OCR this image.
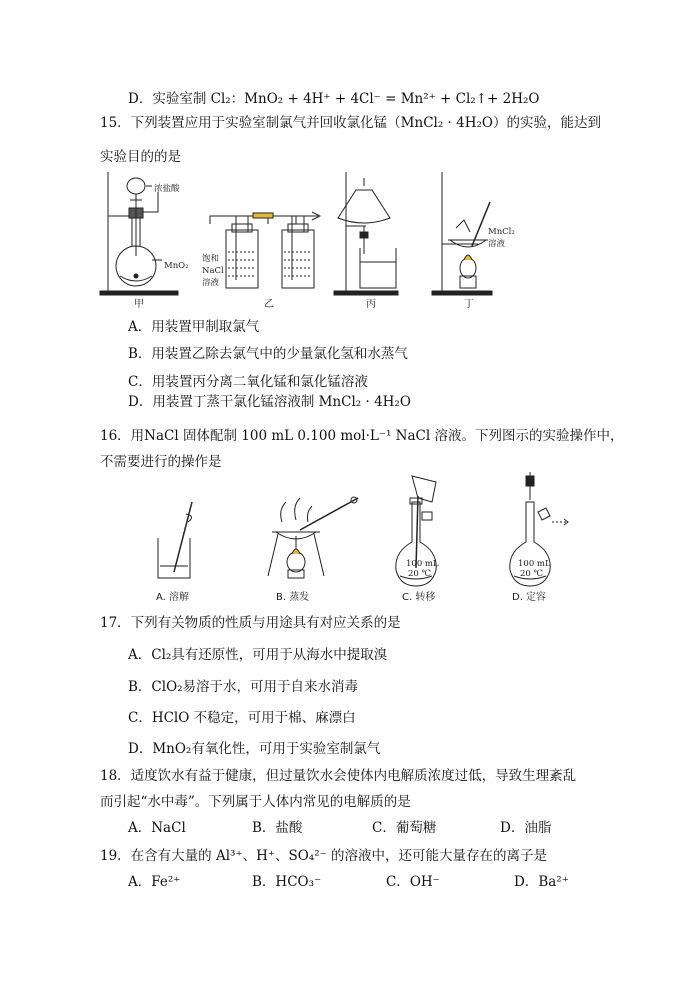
D．实验室制 Cl₂：MnO₂ + 4H⁺ + 4Cl⁻ = Mn²⁺ + Cl₂↑+ 2H₂O
15．下列装置应用于实验室制氯气并回收氯化锰（MnCl₂ · 4H₂O）的实验，能达到
实验目的的是
浓盐酸
MnO₂
饱和
NaCl
溶液
MnCl₂
溶液
甲	乙	丙	丁
A．用装置甲制取氯气
B．用装置乙除去氯气中的少量氯化氢和水蒸气
C．用装置丙分离二氧化锰和氯化锰溶液
D．用装置丁蒸干氯化锰溶液制 MnCl₂ · 4H₂O
16．用NaCl 固体配制 100 mL 0.100 mol·L⁻¹ NaCl 溶液。下列图示的实验操作中，
不需要进行的操作是
100 mL
20 ℃
100 mL
20 ℃
A. 溶解	B. 蒸发	C. 转移	D. 定容
17．下列有关物质的性质与用途具有对应关系的是
A．Cl₂具有还原性，可用于从海水中提取溴
B．ClO₂易溶于水，可用于自来水消毒
C．HClO 不稳定，可用于棉、麻漂白
D．MnO₂有氧化性，可用于实验室制氯气
18．适度饮水有益于健康，但过量饮水会使体内电解质浓度过低，导致生理紊乱
而引起“水中毒”。下列属于人体内常见的电解质的是
A．NaCl	B．盐酸	C．葡萄糖	D．油脂
19．在含有大量的 Al³⁺、H⁺、SO₄²⁻ 的溶液中，还可能大量存在的离子是
A．Fe²⁺	B．HCO₃⁻	C．OH⁻	D．Ba²⁺
